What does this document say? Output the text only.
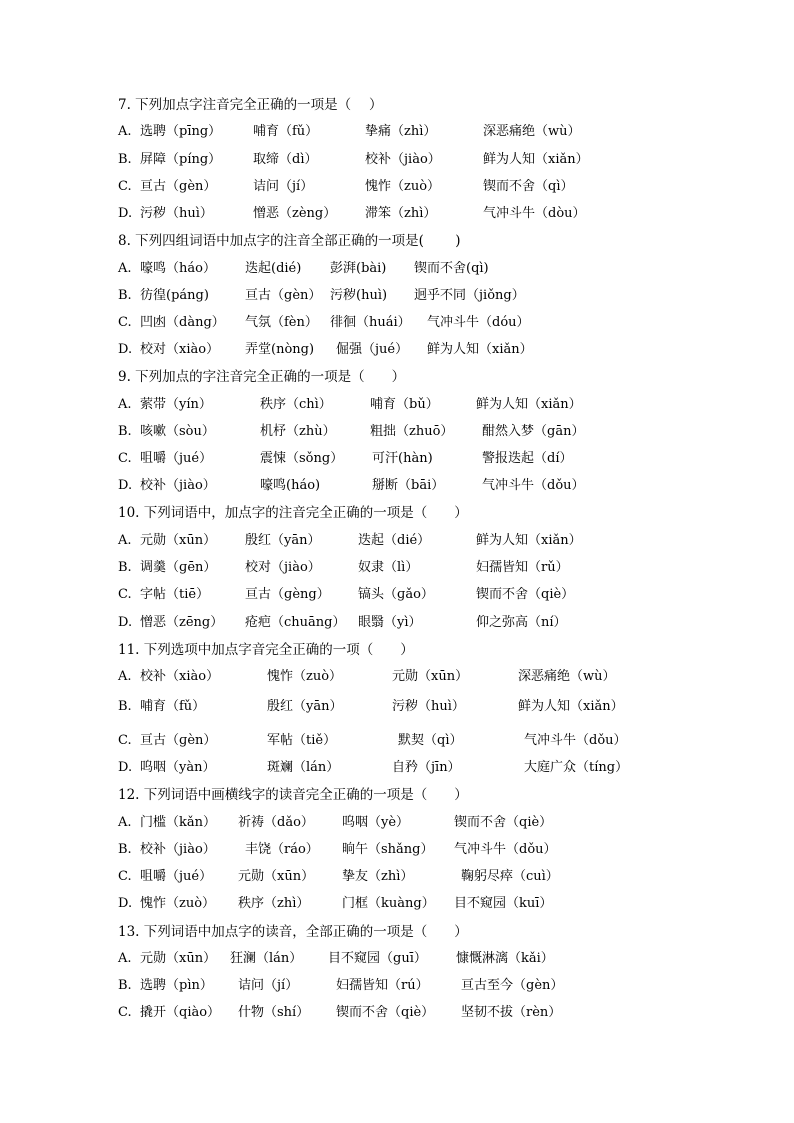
7. 下列加点字注音完全正确的一项是（　 ）
A. 选聘（pīng） 哺育（fǔ）	挚痛（zhì）	深恶痛绝（wù）
B. 屏障（píng） 取缔（dì）	校补（jiào）	鲜为人知（xiǎn）
C. 亘古（gèn）	诘问（jí）	愧怍（zuò）	锲而不舍（qì）
D. 污秽（huì）	憎恶（zèng） 滞笨（zhì）	气冲斗牛（dòu）
8. 下列四组词语中加点字的注音全部正确的一项是(　　 )
A. 嚎鸣（háo） 迭起(dié) 彭湃(bài) 锲而不舍(qì)
B. 彷徨(páng)	亘古（gèn） 污秽(huì) 迥乎不同（jiǒng）
C. 凹凼（dàng） 气氛（fèn） 徘徊（huái） 气冲斗牛（dóu）
D. 校对（xiào） 弄堂(nòng) 倔强（jué） 鲜为人知（xiǎn）
9. 下列加点的字注音完全正确的一项是（　　）
A. 萦带（yín）	秩序（chì）	哺育（bǔ）	鲜为人知（xiǎn）
B. 咳嗽（sòu）	机杼（zhù）	粗拙（zhuō） 酣然入梦（gān）
C. 咀嚼（jué）	震悚（sǒng） 可汗(hàn)	警报迭起（dí）
D. 校补（jiào）	嚎鸣(háo)	掰断（bāi）	气冲斗牛（dǒu）
10. 下列词语中，加点字的注音完全正确的一项是（　　）
A. 元勋（xūn） 殷红（yān）	迭起（dié）	鲜为人知（xiǎn）
B. 调羹（ɡēn） 校对（jiào）	奴隶（lì）	妇孺皆知（rǔ）
C. 字帖（tiē）	亘古（ɡèng） 镐头（ɡǎo）	锲而不舍（qiè）
D. 憎恶（zēng） 疮疤（chuāng） 眼翳（yì）	仰之弥高（ní）
11. 下列选项中加点字音完全正确的一项（　　）
A. 校补（xiào）	愧怍（zuò）	元勋（xūn）	深恶痛绝（wù）
B. 哺育（fǔ）	殷红（yān）	污秽（huì）	鲜为人知（xiǎn）
C. 亘古（ɡèn）	军帖（tiě）	默契（qì）	气冲斗牛（dǒu）
D. 呜咽（yàn）	斑斓（lán）	自矜（jīn）	大庭广众（tíng）
12. 下列词语中画横线字的读音完全正确的一项是（　　）
A. 门槛（kǎn） 祈祷（dǎo） 呜咽（yè）	锲而不舍（qiè）
B. 校补（jiào） 丰饶（ráo） 晌午（shǎng） 气冲斗牛（dǒu）
C. 咀嚼（jué） 元勋（xūn） 挚友（zhì）	鞠躬尽瘁（cuì）
D. 愧怍（zuò） 秩序（zhì）	门框（kuàng） 目不窥园（kuī）
13. 下列词语中加点字的读音，全部正确的一项是（　　）
A. 元勋（xūn） 狂澜（lán） 目不窥园（guī） 慷慨淋漓（kǎi）
B. 选聘（pìn） 诘问（jí）	妇孺皆知（rú） 亘古至今（gèn）
C. 撬开（qiào） 什物（shí） 锲而不舍（qiè） 坚韧不拔（rèn）
